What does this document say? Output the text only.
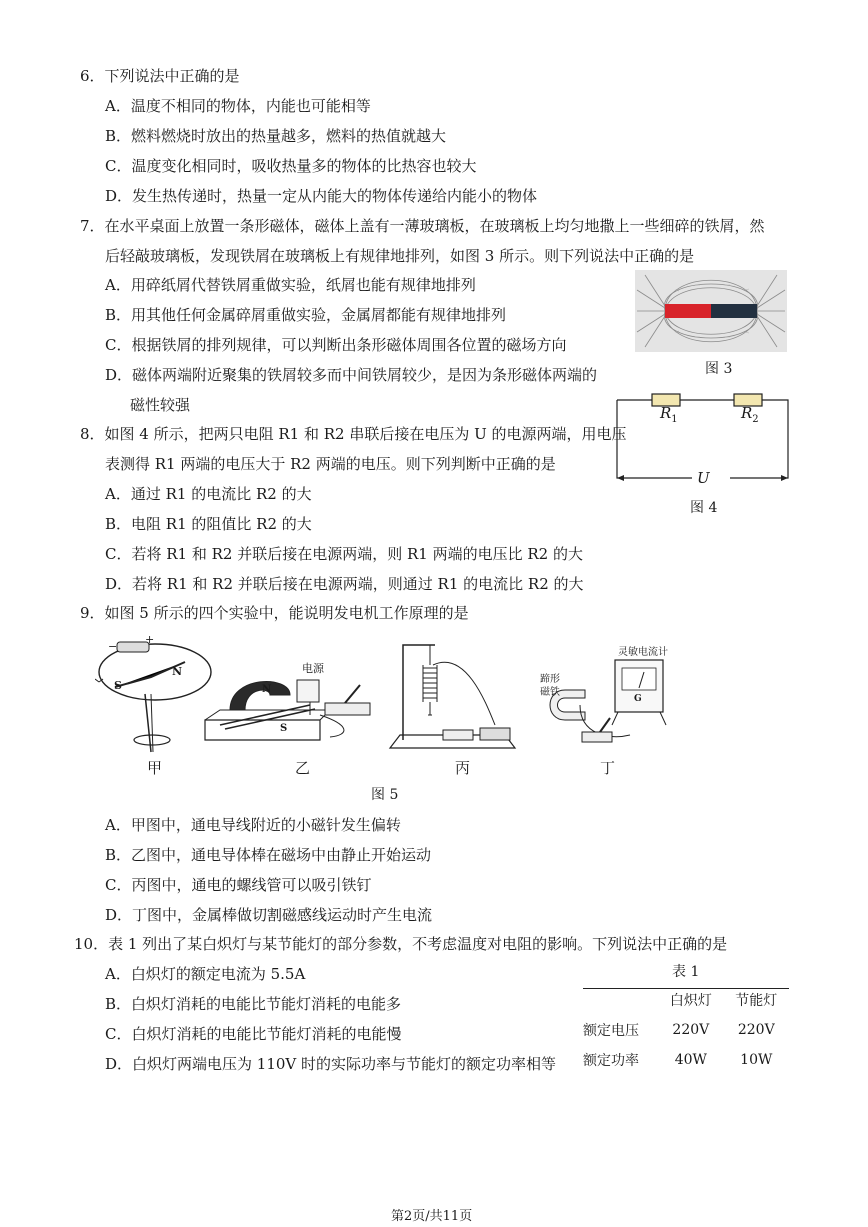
6．下列说法中正确的是
A．温度不相同的物体，内能也可能相等
B．燃料燃烧时放出的热量越多，燃料的热值就越大
C．温度变化相同时，吸收热量多的物体的比热容也较大
D．发生热传递时，热量一定从内能大的物体传递给内能小的物体
7．在水平桌面上放置一条形磁体，磁体上盖有一薄玻璃板，在玻璃板上均匀地撒上一些细碎的铁屑，然
后轻敲玻璃板，发现铁屑在玻璃板上有规律地排列，如图 3 所示。则下列说法中正确的是
A．用碎纸屑代替铁屑重做实验，纸屑也能有规律地排列
B．用其他任何金属碎屑重做实验，金属屑都能有规律地排列
C．根据铁屑的排列规律，可以判断出条形磁体周围各位置的磁场方向
D．磁体两端附近聚集的铁屑较多而中间铁屑较少，是因为条形磁体两端的
磁性较强
图 3
8．如图 4 所示，把两只电阻 R1 和 R2 串联后接在电压为 U 的电源两端，用电压
表测得 R1 两端的电压大于 R2 两端的电压。则下列判断中正确的是
A．通过 R1 的电流比 R2 的大
B．电阻 R1 的阻值比 R2 的大
C．若将 R1 和 R2 并联后接在电源两端，则 R1 两端的电压比 R2 的大
D．若将 R1 和 R2 并联后接在电源两端，则通过 R1 的电流比 R2 的大
$R_1$	$R_2$
U
图 4
9．如图 5 所示的四个实验中，能说明发电机工作原理的是
+
−
N
S
电源
N
S
灵敏电流计
蹄形
磁铁
G
甲	乙	丙	丁
图 5
A．甲图中，通电导线附近的小磁针发生偏转
B．乙图中，通电导体棒在磁场中由静止开始运动
C．丙图中，通电的螺线管可以吸引铁钉
D．丁图中，金属棒做切割磁感线运动时产生电流
10．表 1 列出了某白炽灯与某节能灯的部分参数，不考虑温度对电阻的影响。下列说法中正确的是
A．白炽灯的额定电流为 5.5A
B．白炽灯消耗的电能比节能灯消耗的电能多
C．白炽灯消耗的电能比节能灯消耗的电能慢
D．白炽灯两端电压为 110V 时的实际功率与节能灯的额定功率相等
表 1
	白炽灯	节能灯
额定电压	220V	220V
额定功率	40W	10W
第2页/共11页
